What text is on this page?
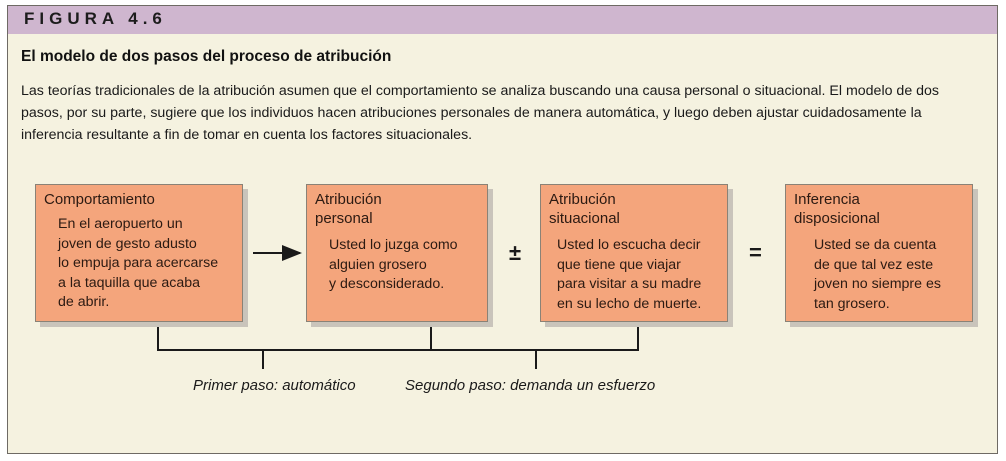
FIGURA 4.6
El modelo de dos pasos del proceso de atribución
Las teorías tradicionales de la atribución asumen que el comportamiento se analiza buscando una causa personal o situacional. El modelo de dos pasos, por su parte, sugiere que los individuos hacen atribuciones personales de manera automática, y luego deben ajustar cuidadosamente la inferencia resultante a fin de tomar en cuenta los factores situacionales.
Comportamiento
En el aeropuerto un
joven de gesto adusto
lo empuja para acercarse
a la taquilla que acaba
de abrir.
Atribución
personal
Usted lo juzga como
alguien grosero
y desconsiderado.
±
Atribución
situacional
Usted lo escucha decir
que tiene que viajar
para visitar a su madre
en su lecho de muerte.
=
Inferencia
disposicional
Usted se da cuenta
de que tal vez este
joven no siempre es
tan grosero.
Primer paso: automático	Segundo paso: demanda un esfuerzo
